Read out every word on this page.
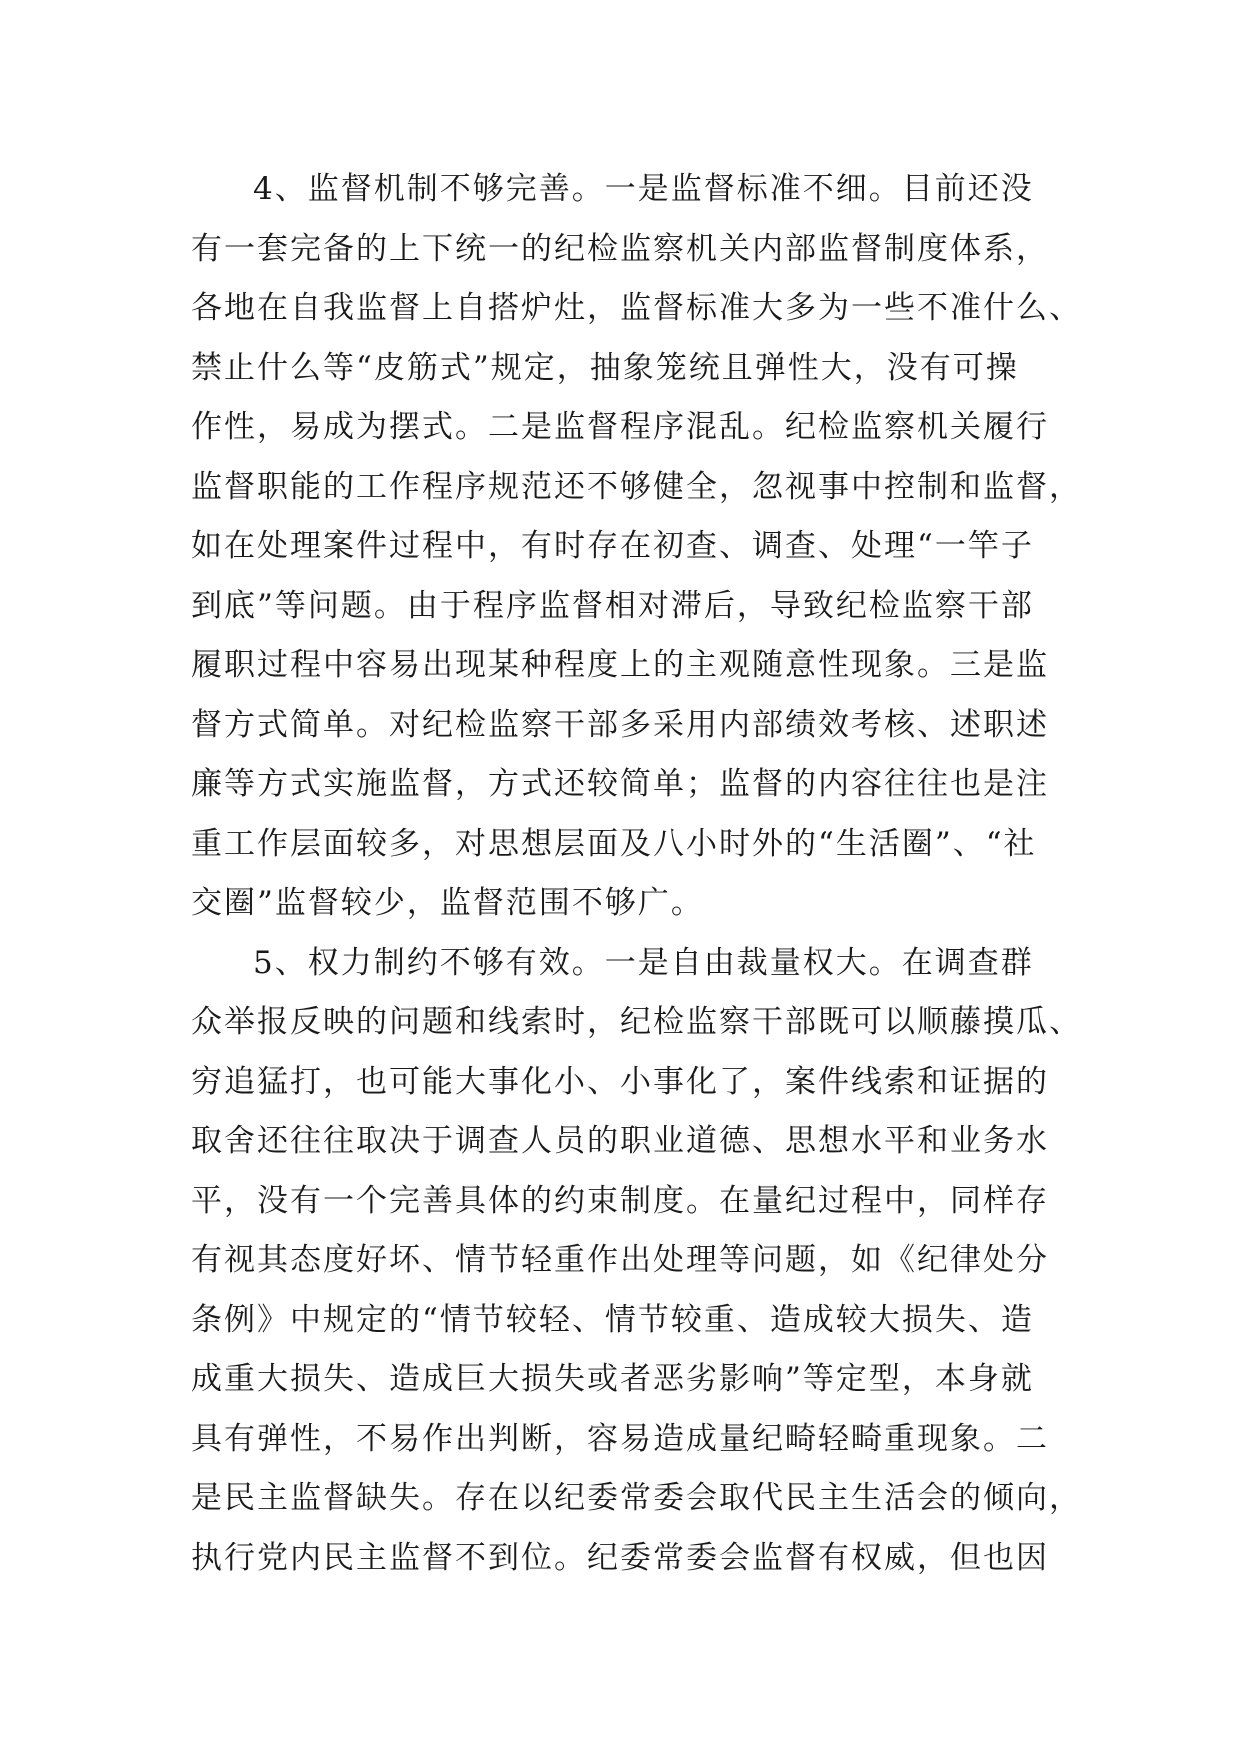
4、监督机制不够完善。一是监督标准不细。目前还没
有一套完备的上下统一的纪检监察机关内部监督制度体系，
各地在自我监督上自搭炉灶，监督标准大多为一些不准什么、
禁止什么等“皮筋式”规定，抽象笼统且弹性大，没有可操
作性，易成为摆式。二是监督程序混乱。纪检监察机关履行
监督职能的工作程序规范还不够健全，忽视事中控制和监督，
如在处理案件过程中，有时存在初查、调查、处理“一竿子
到底”等问题。由于程序监督相对滞后，导致纪检监察干部
履职过程中容易出现某种程度上的主观随意性现象。三是监
督方式简单。对纪检监察干部多采用内部绩效考核、述职述
廉等方式实施监督，方式还较简单；监督的内容往往也是注
重工作层面较多，对思想层面及八小时外的“生活圈”、“社
交圈”监督较少，监督范围不够广。
5、权力制约不够有效。一是自由裁量权大。在调查群
众举报反映的问题和线索时，纪检监察干部既可以顺藤摸瓜、
穷追猛打，也可能大事化小、小事化了，案件线索和证据的
取舍还往往取决于调查人员的职业道德、思想水平和业务水
平，没有一个完善具体的约束制度。在量纪过程中，同样存
有视其态度好坏、情节轻重作出处理等问题，如《纪律处分
条例》中规定的“情节较轻、情节较重、造成较大损失、造
成重大损失、造成巨大损失或者恶劣影响”等定型，本身就
具有弹性，不易作出判断，容易造成量纪畸轻畸重现象。二
是民主监督缺失。存在以纪委常委会取代民主生活会的倾向，
执行党内民主监督不到位。纪委常委会监督有权威，但也因
